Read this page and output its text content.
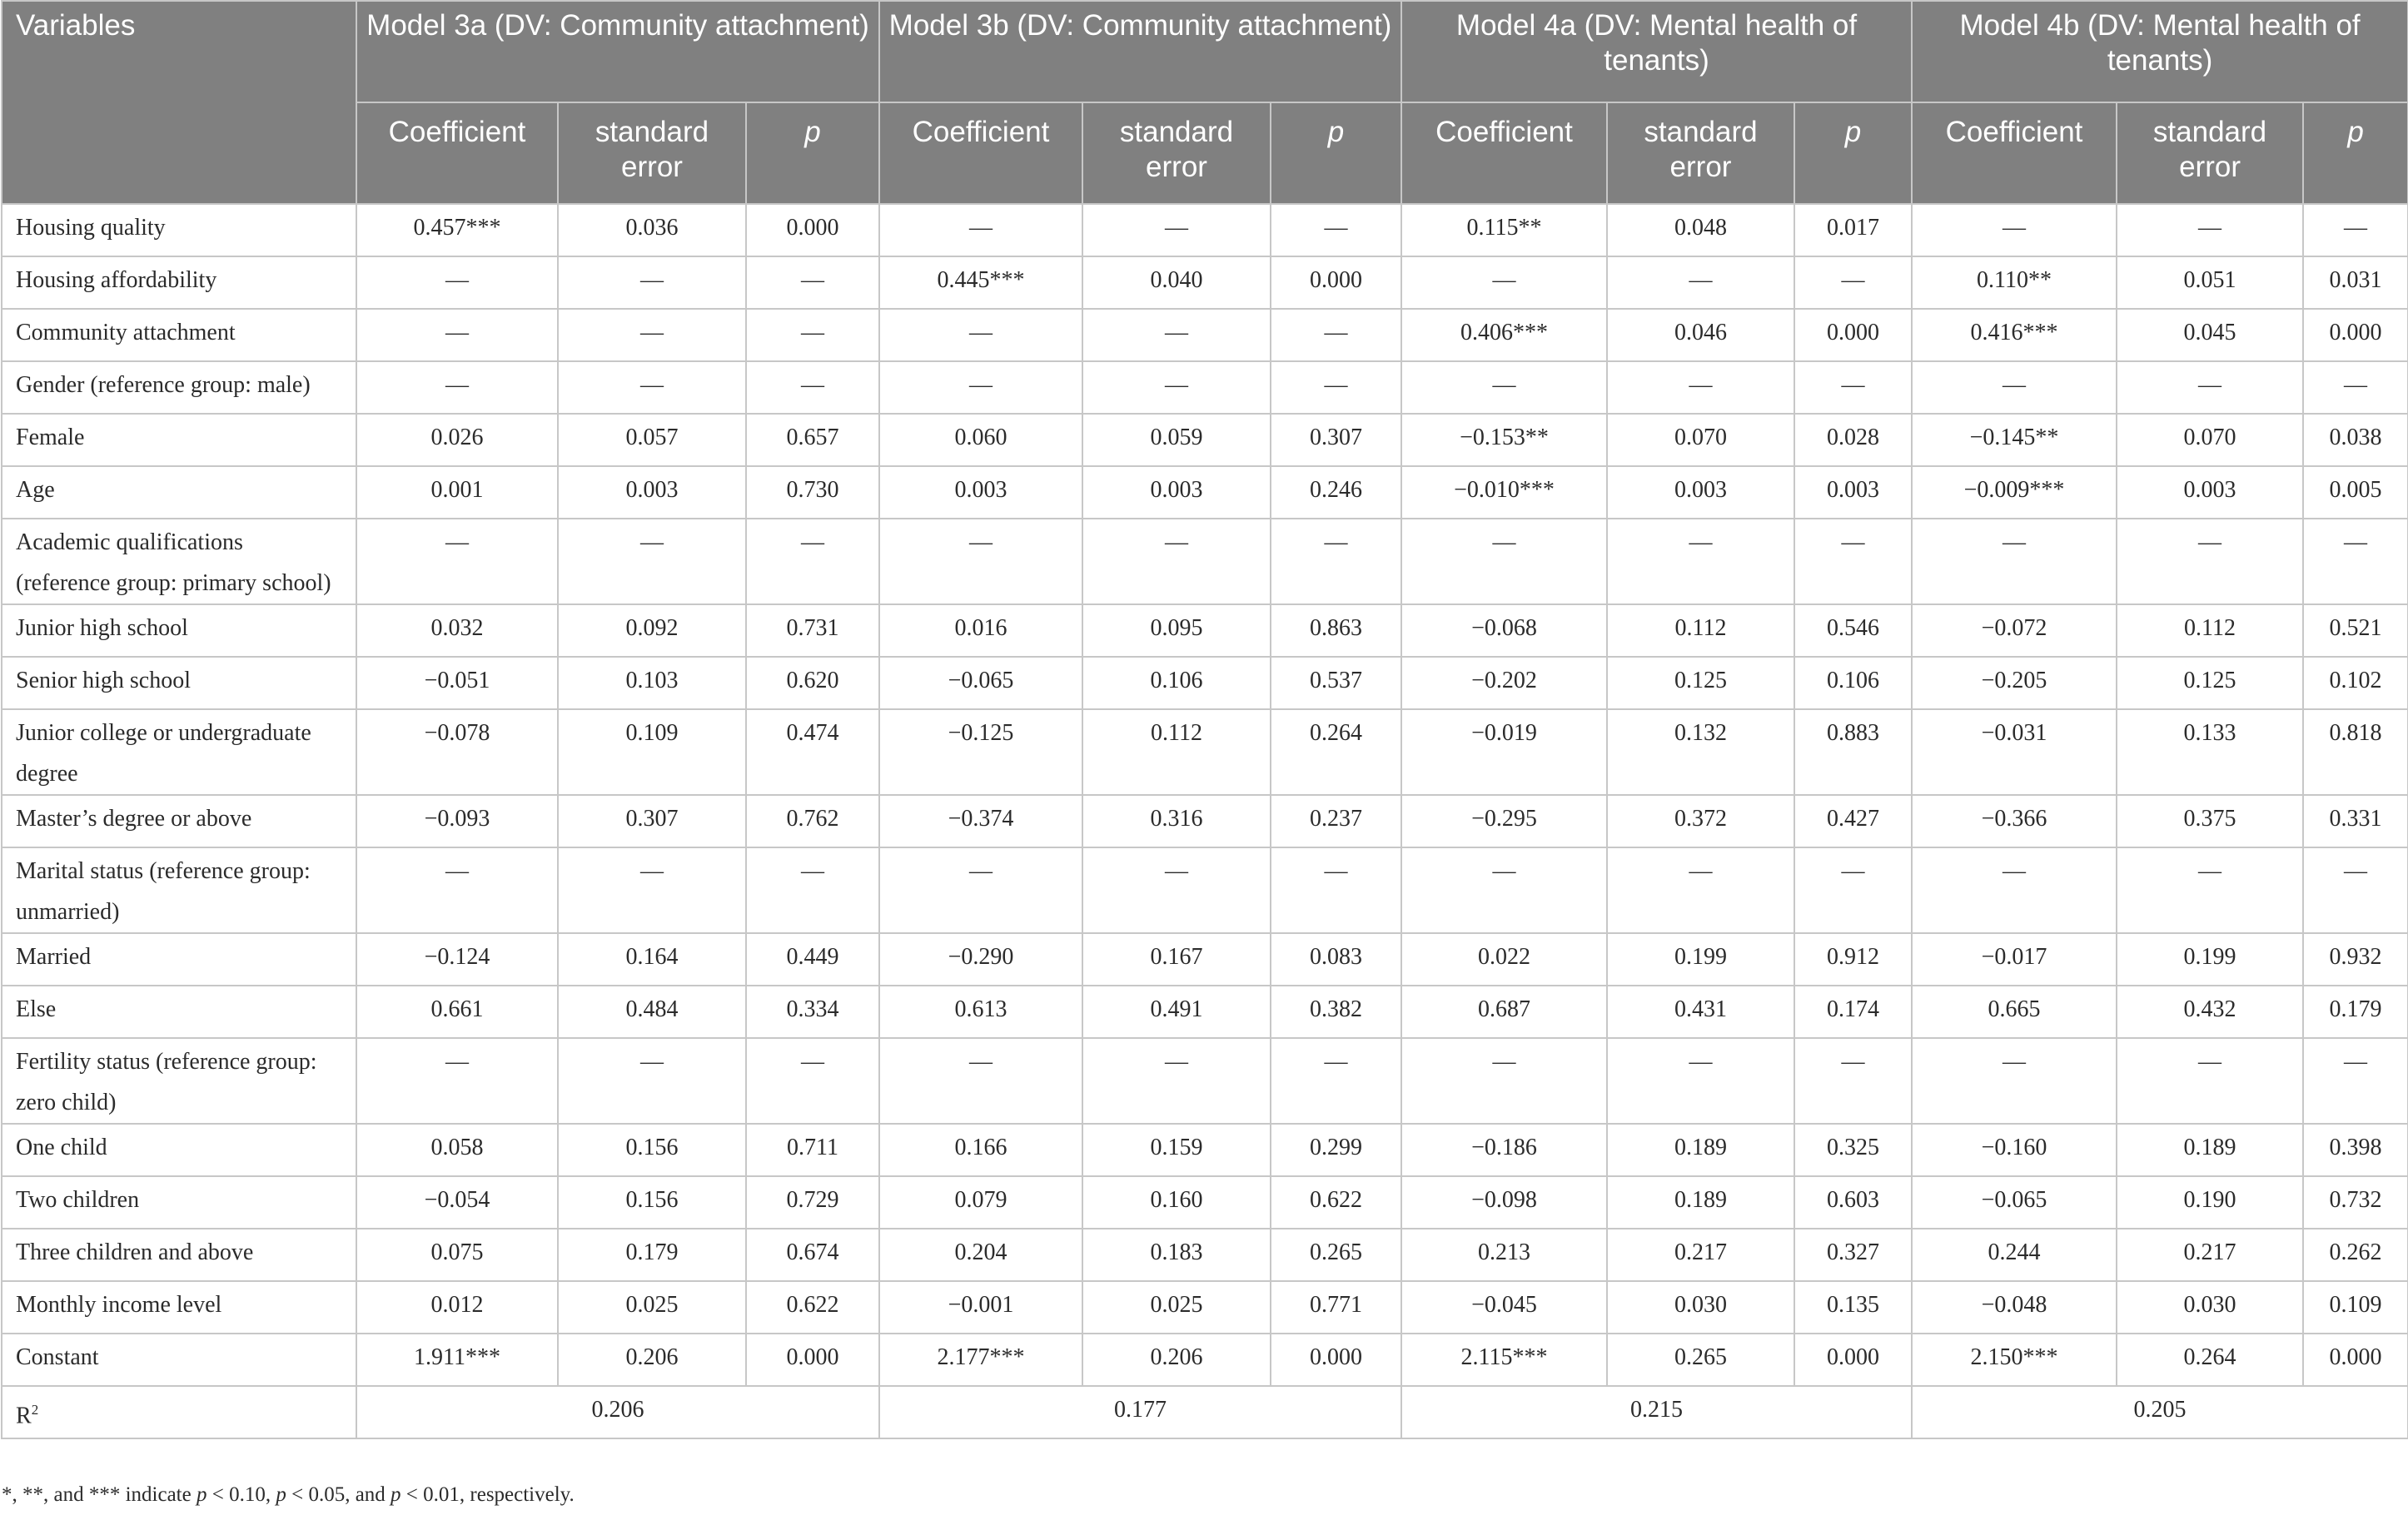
Variables	Model 3a (DV: Community attachment)			Model 3b (DV: Community attachment)			Model 4a (DV: Mental health of tenants)			Model 4b (DV: Mental health of tenants)		
	Coefficient	standard error	p	Coefficient	standard error	p	Coefficient	standard error	p	Coefficient	standard error	p
Housing quality	0.457***	0.036	0.000	—	—	—	0.115**	0.048	0.017	—	—	—
Housing affordability	—	—	—	0.445***	0.040	0.000	—	—	—	0.110**	0.051	0.031
Community attachment	—	—	—	—	—	—	0.406***	0.046	0.000	0.416***	0.045	0.000
Gender (reference group: male)	—	—	—	—	—	—	—	—	—	—	—	—
Female	0.026	0.057	0.657	0.060	0.059	0.307	−0.153**	0.070	0.028	−0.145**	0.070	0.038
Age	0.001	0.003	0.730	0.003	0.003	0.246	−0.010***	0.003	0.003	−0.009***	0.003	0.005
Academic qualifications (reference group: primary school)	—	—	—	—	—	—	—	—	—	—	—	—
Junior high school	0.032	0.092	0.731	0.016	0.095	0.863	−0.068	0.112	0.546	−0.072	0.112	0.521
Senior high school	−0.051	0.103	0.620	−0.065	0.106	0.537	−0.202	0.125	0.106	−0.205	0.125	0.102
Junior college or undergraduate degree	−0.078	0.109	0.474	−0.125	0.112	0.264	−0.019	0.132	0.883	−0.031	0.133	0.818
Master’s degree or above	−0.093	0.307	0.762	−0.374	0.316	0.237	−0.295	0.372	0.427	−0.366	0.375	0.331
Marital status (reference group: unmarried)	—	—	—	—	—	—	—	—	—	—	—	—
Married	−0.124	0.164	0.449	−0.290	0.167	0.083	0.022	0.199	0.912	−0.017	0.199	0.932
Else	0.661	0.484	0.334	0.613	0.491	0.382	0.687	0.431	0.174	0.665	0.432	0.179
Fertility status (reference group: zero child)	—	—	—	—	—	—	—	—	—	—	—	—
One child	0.058	0.156	0.711	0.166	0.159	0.299	−0.186	0.189	0.325	−0.160	0.189	0.398
Two children	−0.054	0.156	0.729	0.079	0.160	0.622	−0.098	0.189	0.603	−0.065	0.190	0.732
Three children and above	0.075	0.179	0.674	0.204	0.183	0.265	0.213	0.217	0.327	0.244	0.217	0.262
Monthly income level	0.012	0.025	0.622	−0.001	0.025	0.771	−0.045	0.030	0.135	−0.048	0.030	0.109
Constant	1.911***	0.206	0.000	2.177***	0.206	0.000	2.115***	0.265	0.000	2.150***	0.264	0.000
$R^2$	0.206			0.177			0.215			0.205		
*, **, and *** indicate p < 0.10, p < 0.05, and p < 0.01, respectively.
